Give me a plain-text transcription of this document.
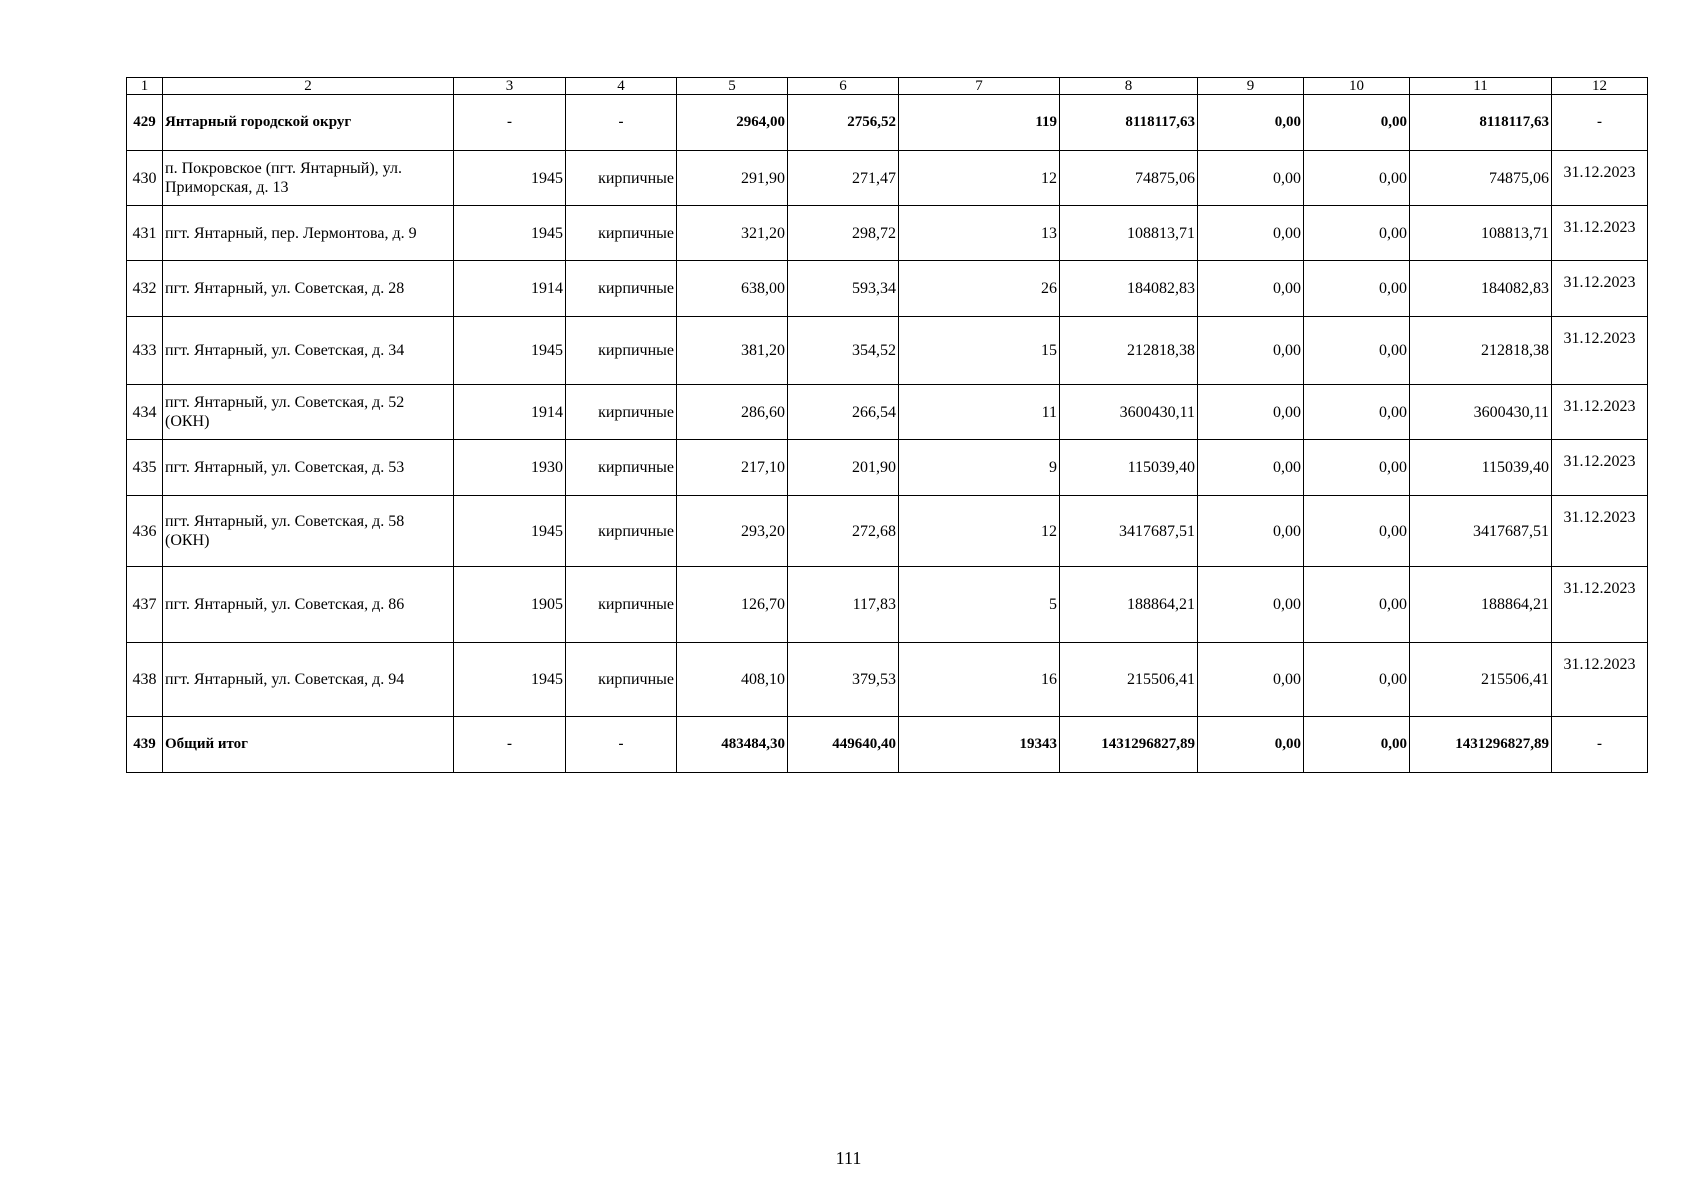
1	2	3	4	5	6	7	8	9	10	11	12
429	Янтарный городской округ	-	-	2964,00	2756,52	119	8118117,63	0,00	0,00	8118117,63	-
430	п. Покровское (пгт. Янтарный), ул. Приморская, д. 13	1945	кирпичные	291,90	271,47	12	74875,06	0,00	0,00	74875,06	31.12.2023
431	пгт. Янтарный, пер. Лермонтова, д. 9	1945	кирпичные	321,20	298,72	13	108813,71	0,00	0,00	108813,71	31.12.2023
432	пгт. Янтарный, ул. Советская, д. 28	1914	кирпичные	638,00	593,34	26	184082,83	0,00	0,00	184082,83	31.12.2023
433	пгт. Янтарный, ул. Советская, д. 34	1945	кирпичные	381,20	354,52	15	212818,38	0,00	0,00	212818,38	31.12.2023
434	пгт. Янтарный, ул. Советская, д. 52 (ОКН)	1914	кирпичные	286,60	266,54	11	3600430,11	0,00	0,00	3600430,11	31.12.2023
435	пгт. Янтарный, ул. Советская, д. 53	1930	кирпичные	217,10	201,90	9	115039,40	0,00	0,00	115039,40	31.12.2023
436	пгт. Янтарный, ул. Советская, д. 58 (ОКН)	1945	кирпичные	293,20	272,68	12	3417687,51	0,00	0,00	3417687,51	31.12.2023
437	пгт. Янтарный, ул. Советская, д. 86	1905	кирпичные	126,70	117,83	5	188864,21	0,00	0,00	188864,21	31.12.2023
438	пгт. Янтарный, ул. Советская, д. 94	1945	кирпичные	408,10	379,53	16	215506,41	0,00	0,00	215506,41	31.12.2023
439	Общий итог	-	-	483484,30	449640,40	19343	1431296827,89	0,00	0,00	1431296827,89	-
111
